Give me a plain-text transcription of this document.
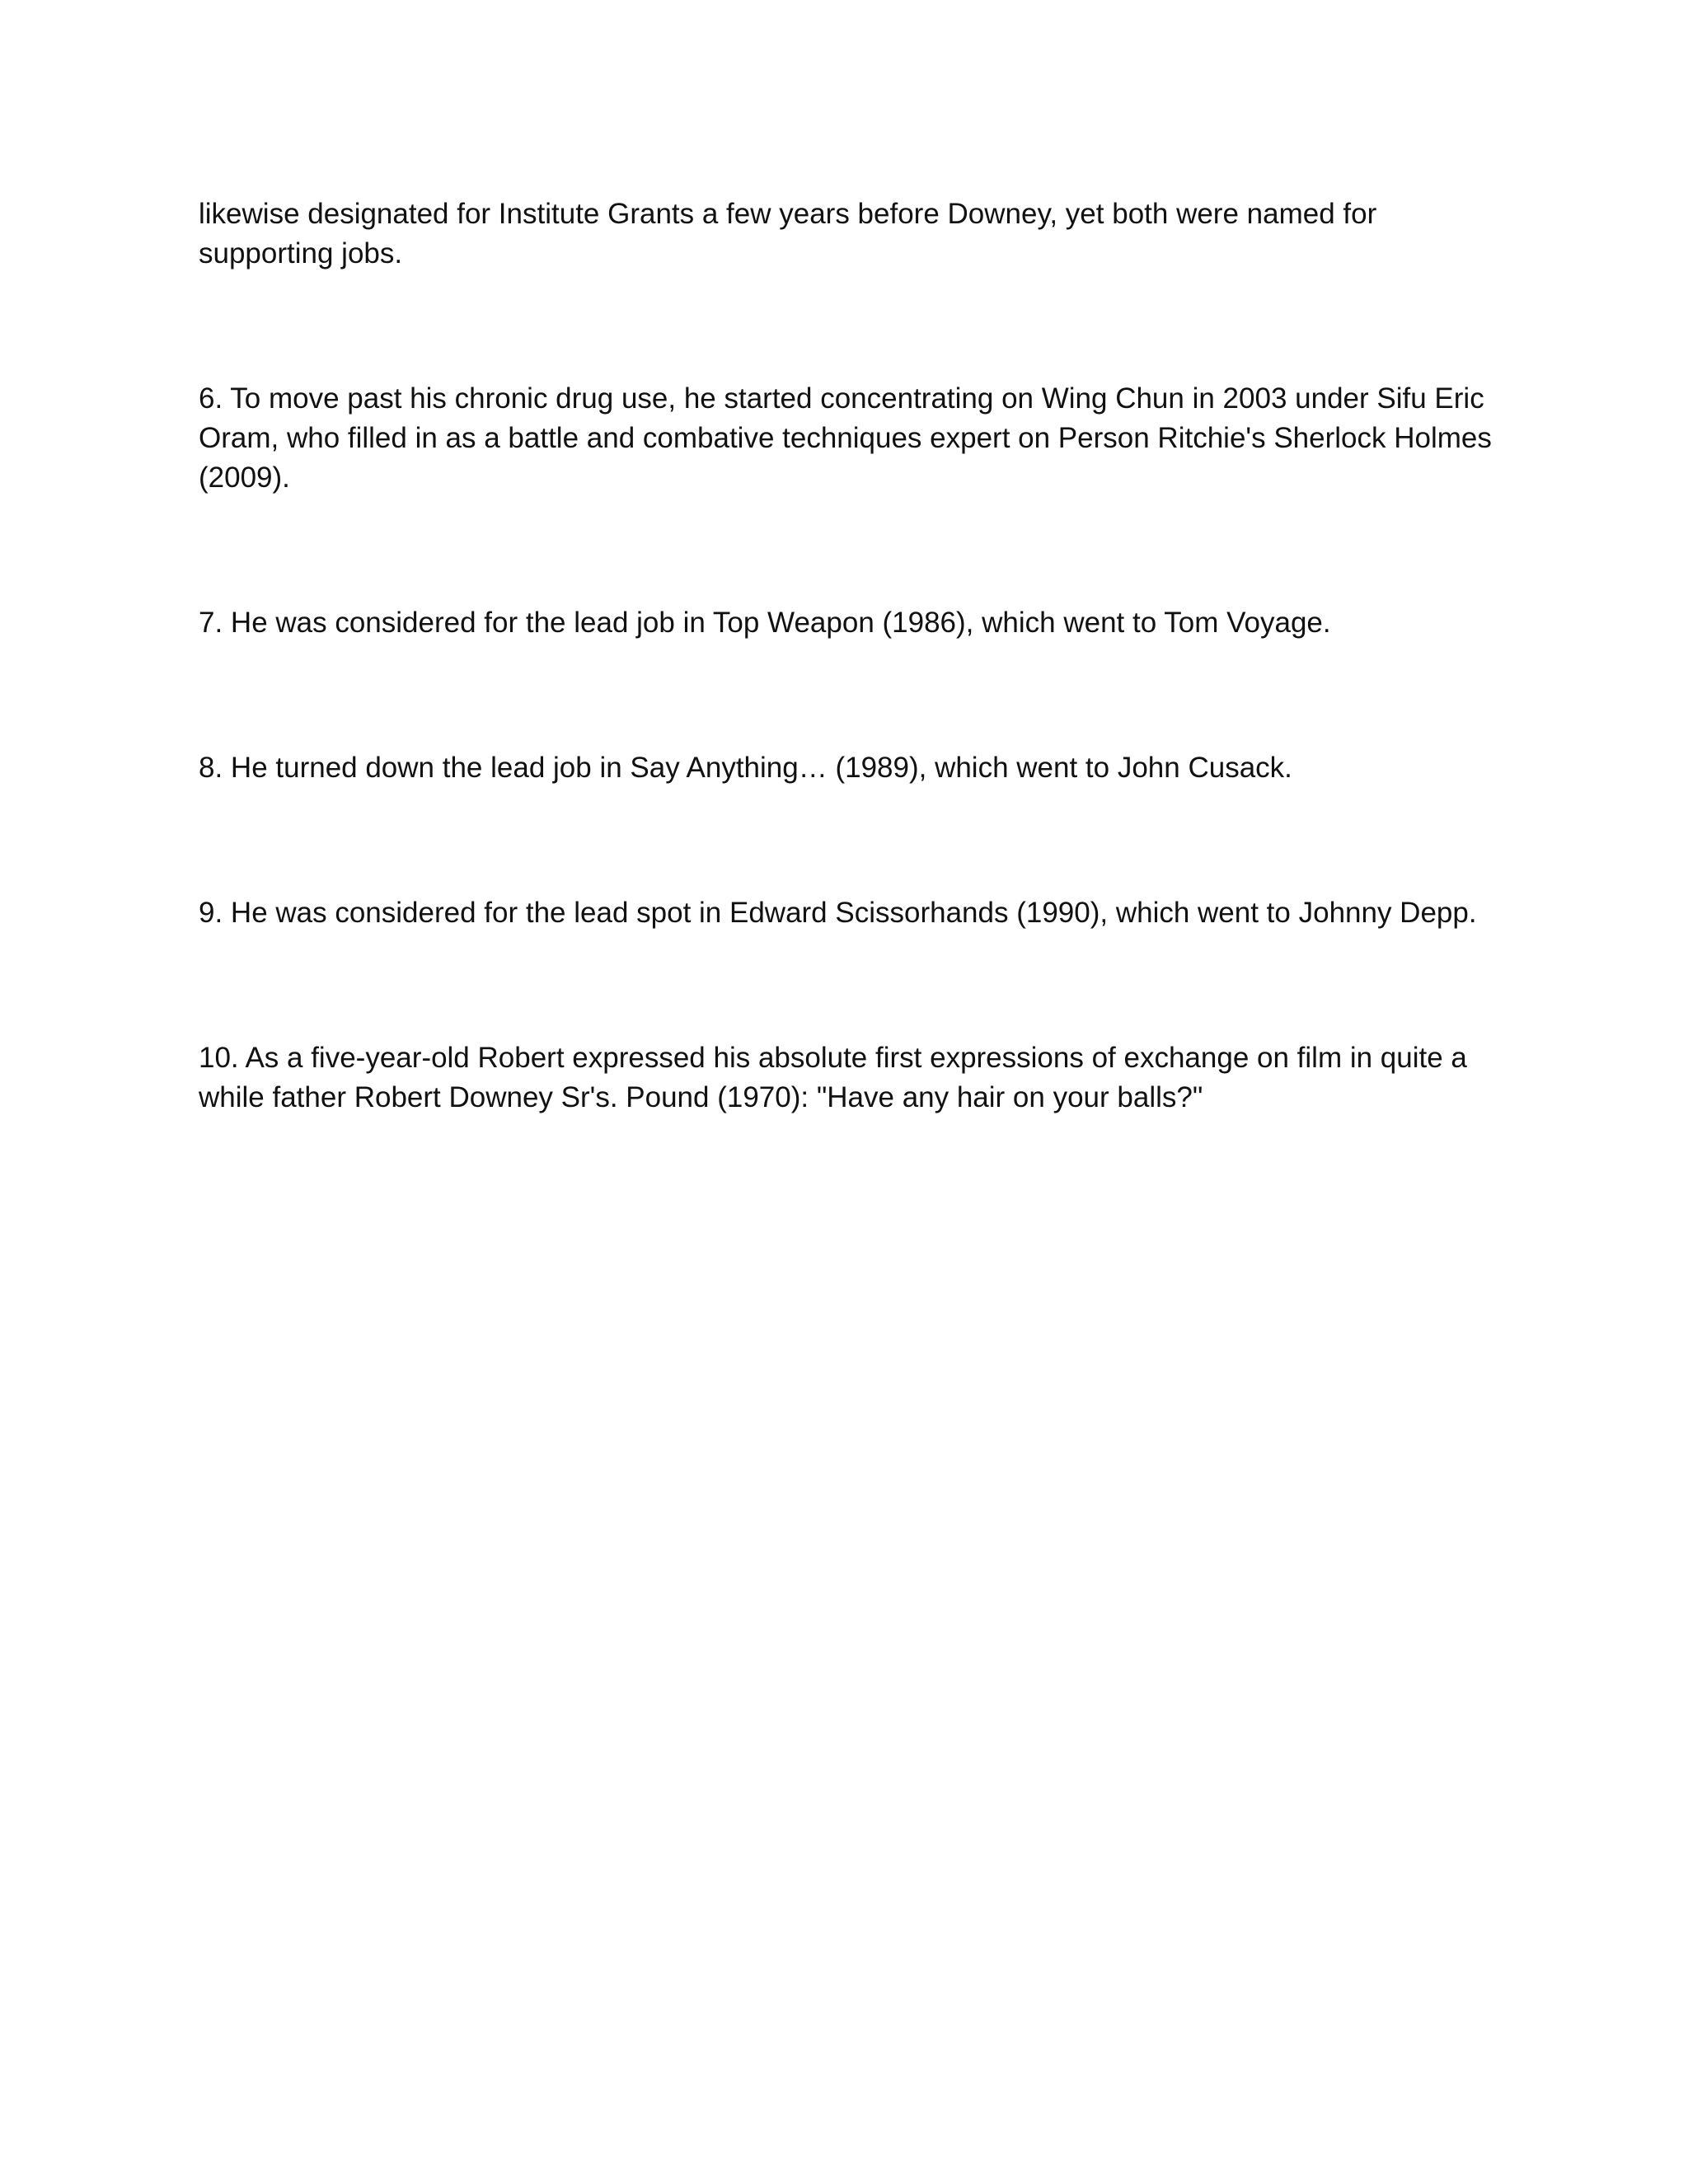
likewise designated for Institute Grants a few years before Downey, yet both were named for supporting jobs.

6. To move past his chronic drug use, he started concentrating on Wing Chun in 2003 under Sifu Eric Oram, who filled in as a battle and combative techniques expert on Person Ritchie's Sherlock Holmes (2009).

7. He was considered for the lead job in Top Weapon (1986), which went to Tom Voyage.

8. He turned down the lead job in Say Anything… (1989), which went to John Cusack.

9. He was considered for the lead spot in Edward Scissorhands (1990), which went to Johnny Depp.

10. As a five-year-old Robert expressed his absolute first expressions of exchange on film in quite a while father Robert Downey Sr's. Pound (1970): "Have any hair on your balls?"
